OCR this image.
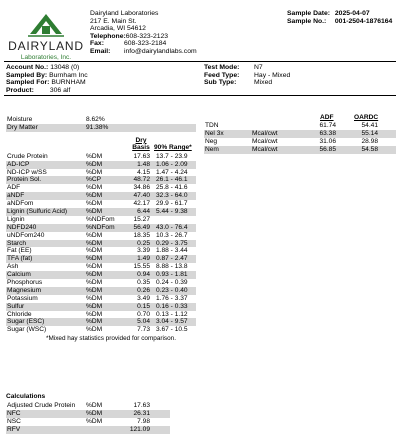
DAIRYLAND
Laboratories, Inc.
Dairyland Laboratories
217 E. Main St.
Arcadia, WI 54612
Telephone:608-323-2123
Fax:	608-323-2184
Email: info@dairylandlabs.com
Sample Date: 2025-04-07
Sample No.: 001-2504-1876164
Account No.: 13048 (0)
Sampled By: Burnham Inc
Sampled For: BURNHAM
Product: 306 alf
Test Mode: N7
Feed Type: Hay - Mixed
Sub Type:	Mixed
Moisture	8.62%
Dry Matter	91.38%
Dry Basis 90% Range*
Crude Protein	%DM	17.63 13.7 - 23.9
AD-ICP	%DM	1.48 1.06 - 2.09
ND-ICP w/SS	%DM	4.15 1.47 - 4.24
Protein Sol.	%CP	48.72 26.1 - 46.1
ADF	%DM	34.86 25.8 - 41.6
aNDF	%DM	47.40 32.3 - 64.0
aNDFom	%DM	42.17 29.9 - 61.7
Lignin (Sulfuric Acid)	%DM	6.44 5.44 - 9.38
Lignin	%NDFom	15.27
NDFD240	%NDFom	56.49 43.0 - 76.4
uNDFom240	%DM	18.35 10.3 - 26.7
Starch	%DM	0.25 0.29 - 3.75
Fat (EE)	%DM	3.39 1.88 - 3.44
TFA (fat)	%DM	1.49 0.87 - 2.47
Ash	%DM	15.55 8.88 - 13.8
Calcium	%DM	0.94 0.93 - 1.81
Phosphorus	%DM	0.35 0.24 - 0.39
Magnesium	%DM	0.26 0.23 - 0.40
Potassium	%DM	3.49 1.76 - 3.37
Sulfur	%DM	0.15 0.16 - 0.33
Chloride	%DM	0.70 0.13 - 1.12
Sugar (ESC)	%DM	5.04 3.04 - 9.57
Sugar (WSC)	%DM	7.73 3.67 - 10.5
*Mixed hay statistics provided for comparison.
ADF	OARDC
TDN	61.74	54.41
Nel 3x	Mcal/cwt	63.38	55.14
Neg	Mcal/cwt	31.06	28.98
Nem	Mcal/cwt	56.85	54.58
Calculations
Adjusted Crude Protein %DM	17.63
NFC	%DM	26.31
NSC	%DM	7.98
RFV	121.09
